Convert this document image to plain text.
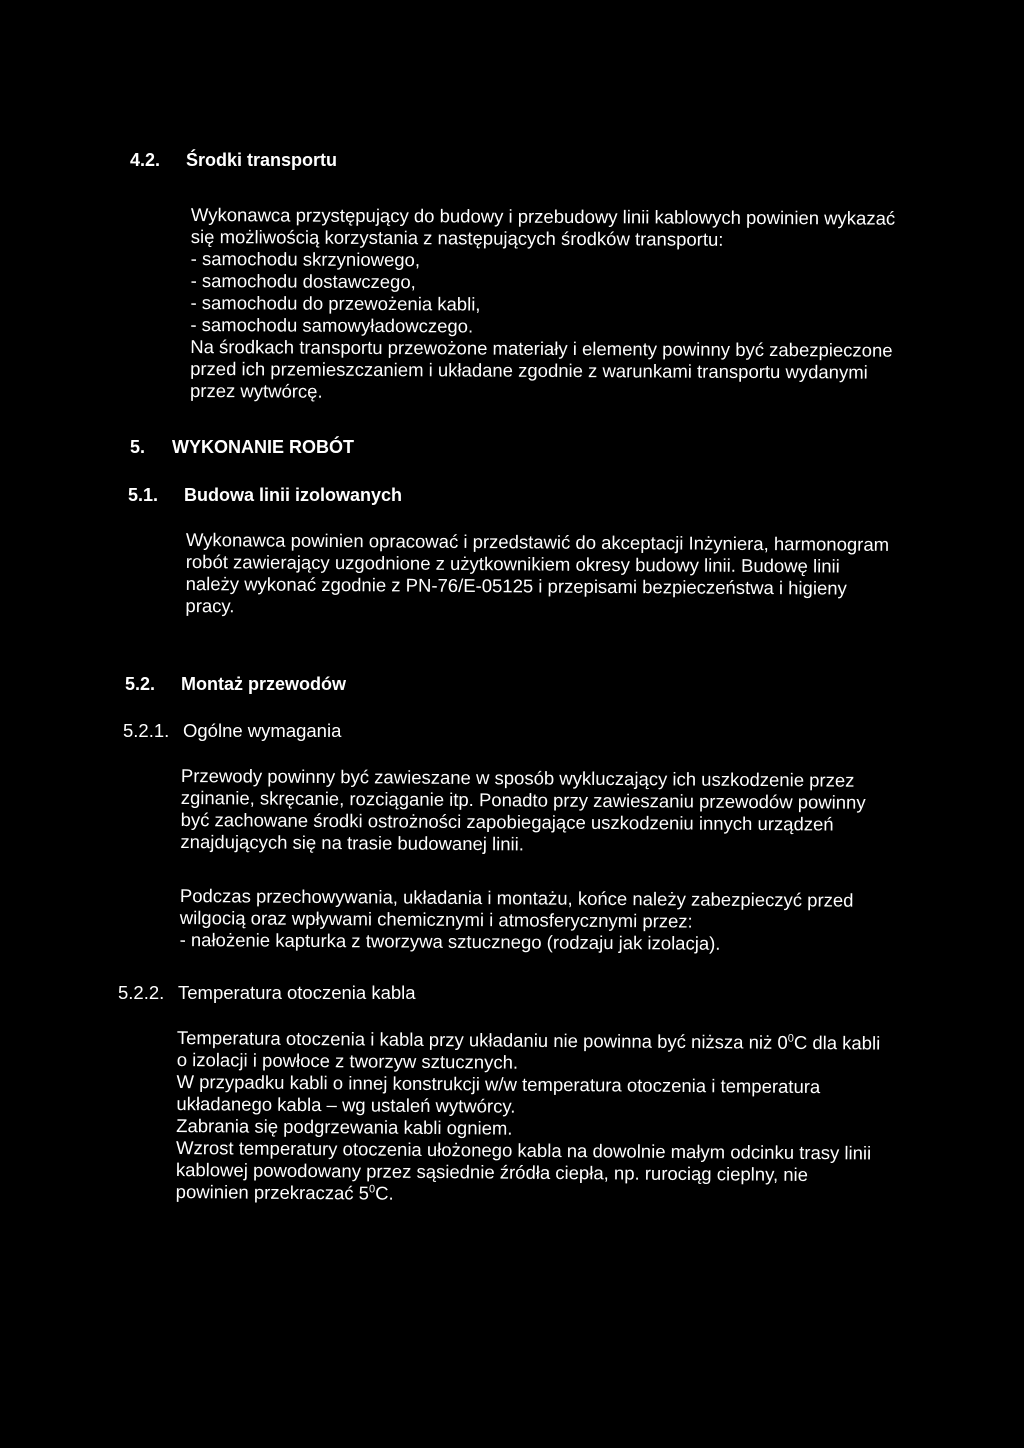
4.2. Środki transportu
Wykonawca przystępujący do budowy i przebudowy linii kablowych powinien wykazać
się możliwością korzystania z następujących środków transportu:
- samochodu skrzyniowego,
- samochodu dostawczego,
- samochodu do przewożenia kabli,
- samochodu samowyładowczego.
Na środkach transportu przewożone materiały i elementy powinny być zabezpieczone
przed ich przemieszczaniem i układane zgodnie z warunkami transportu wydanymi
przez wytwórcę.
5. WYKONANIE ROBÓT
5.1. Budowa linii izolowanych
Wykonawca powinien opracować i przedstawić do akceptacji Inżyniera, harmonogram
robót zawierający uzgodnione z użytkownikiem okresy budowy linii. Budowę linii
należy wykonać zgodnie z PN-76/E-05125 i przepisami bezpieczeństwa i higieny
pracy.
5.2. Montaż przewodów
5.2.1. Ogólne wymagania
Przewody powinny być zawieszane w sposób wykluczający ich uszkodzenie przez
zginanie, skręcanie, rozciąganie itp. Ponadto przy zawieszaniu przewodów powinny
być zachowane środki ostrożności zapobiegające uszkodzeniu innych urządzeń
znajdujących się na trasie budowanej linii.
Podczas przechowywania, układania i montażu, końce należy zabezpieczyć przed
wilgocią oraz wpływami chemicznymi i atmosferycznymi przez:
- nałożenie kapturka z tworzywa sztucznego (rodzaju jak izolacja).
5.2.2. Temperatura otoczenia kabla
Temperatura otoczenia i kabla przy układaniu nie powinna być niższa niż $0^0C$ dla kabli
o izolacji i powłoce z tworzyw sztucznych.
W przypadku kabli o innej konstrukcji w/w temperatura otoczenia i temperatura
układanego kabla – wg ustaleń wytwórcy.
Zabrania się podgrzewania kabli ogniem.
Wzrost temperatury otoczenia ułożonego kabla na dowolnie małym odcinku trasy linii
kablowej powodowany przez sąsiednie źródła ciepła, np. rurociąg cieplny, nie
powinien przekraczać $5^0C$.
